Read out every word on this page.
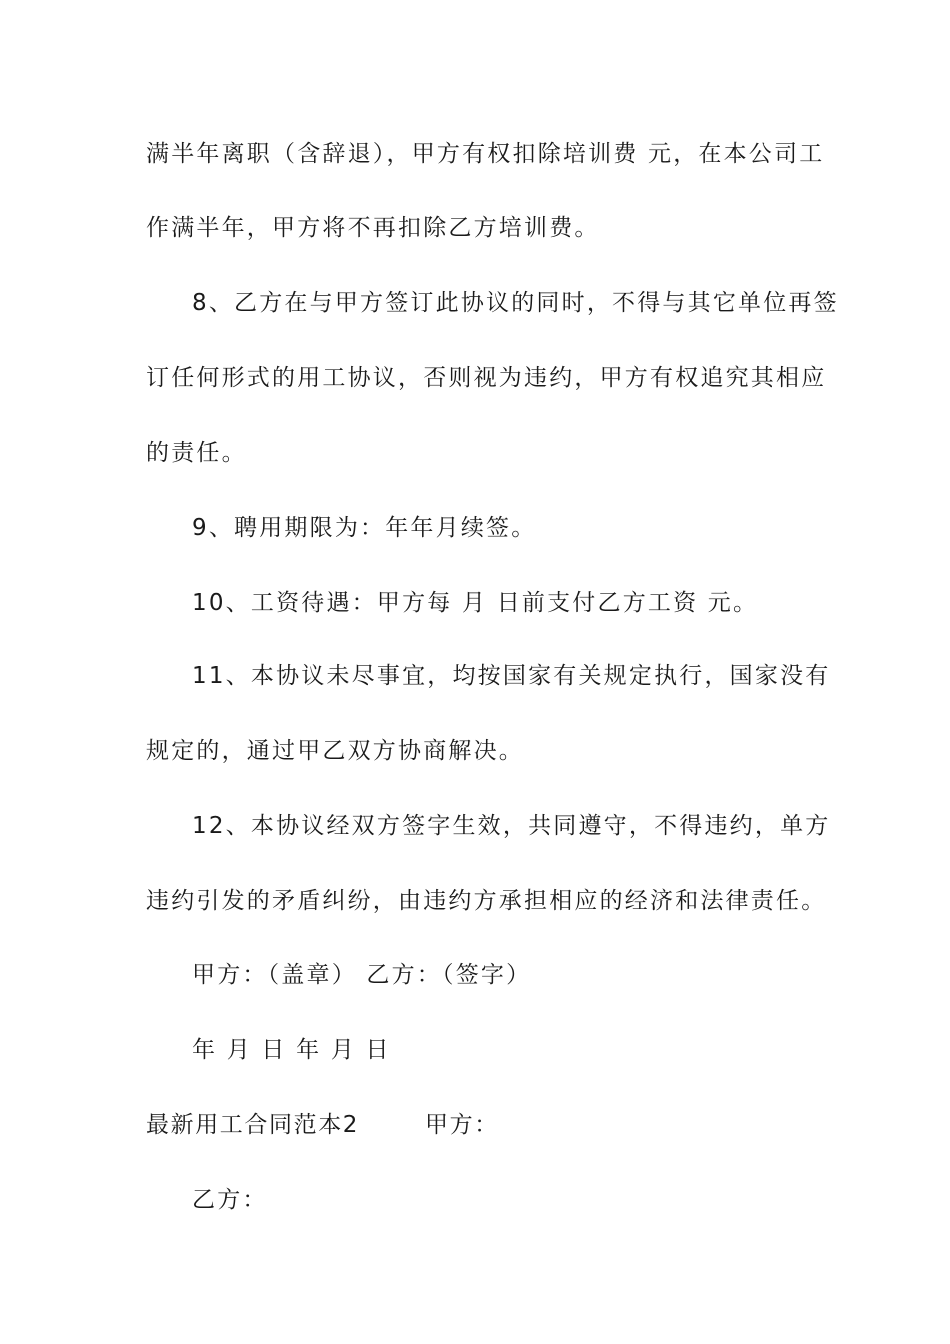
满半年离职（含辞退），甲方有权扣除培训费 元，在本公司工
作满半年，甲方将不再扣除乙方培训费。
8、乙方在与甲方签订此协议的同时，不得与其它单位再签
订任何形式的用工协议，否则视为违约，甲方有权追究其相应
的责任。
9、聘用期限为：年年月续签。
10、工资待遇：甲方每 月 日前支付乙方工资 元。
11、本协议未尽事宜，均按国家有关规定执行，国家没有
规定的，通过甲乙双方协商解决。
12、本协议经双方签字生效，共同遵守，不得违约，单方
违约引发的矛盾纠纷，由违约方承担相应的经济和法律责任。
甲方：（盖章） 乙方：（签字）
年 月 日 年 月 日
最新用工合同范本2	甲方：
乙方：
